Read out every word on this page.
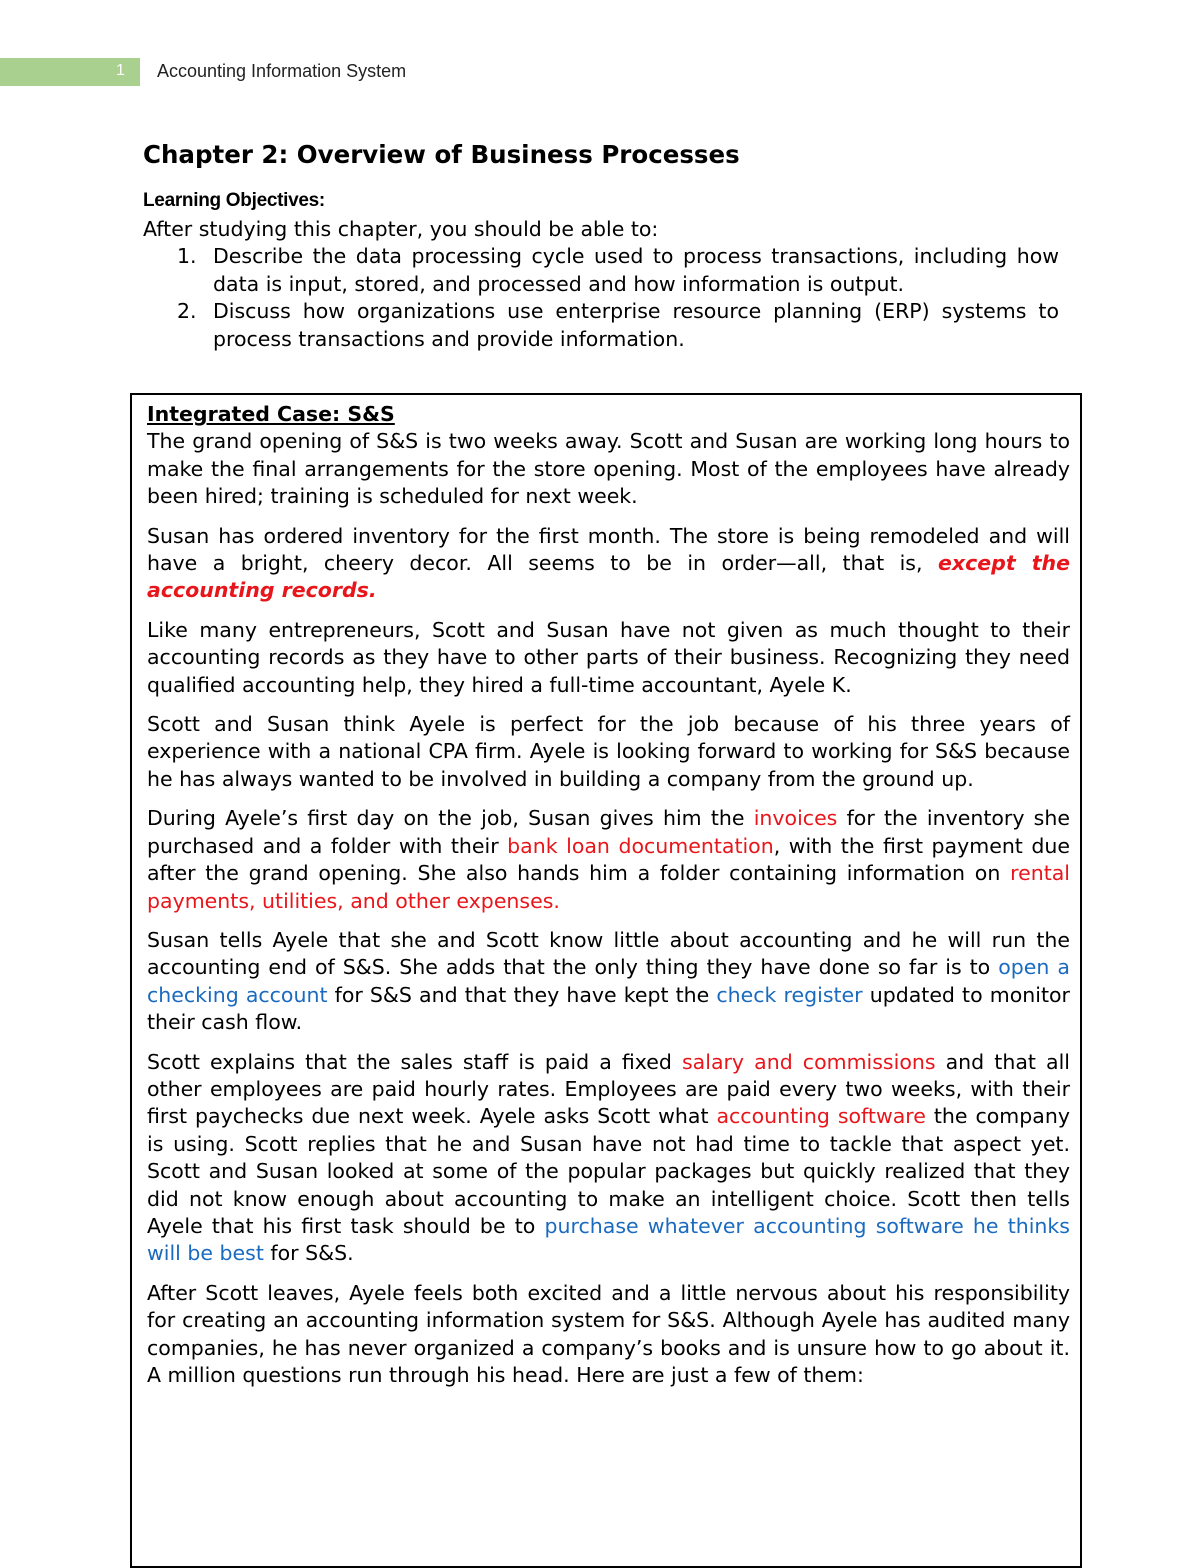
1	Accounting Information System
Chapter 2: Overview of Business Processes
Learning Objectives:
After studying this chapter, you should be able to:
1. Describe the data processing cycle used to process transactions, including how data is input, stored, and processed and how information is output.
2. Discuss how organizations use enterprise resource planning (ERP) systems to process transactions and provide information.
Integrated Case: S&S

The grand opening of S&S is two weeks away. Scott and Susan are working long hours to make the final arrangements for the store opening. Most of the employees have already been hired; training is scheduled for next week.

Susan has ordered inventory for the first month. The store is being remodeled and will have a bright, cheery decor. All seems to be in order—all, that is, except the accounting records.

Like many entrepreneurs, Scott and Susan have not given as much thought to their accounting records as they have to other parts of their business. Recognizing they need qualified accounting help, they hired a full-time accountant, Ayele K.

Scott and Susan think Ayele is perfect for the job because of his three years of experience with a national CPA firm. Ayele is looking forward to working for S&S because he has always wanted to be involved in building a company from the ground up.

During Ayele’s first day on the job, Susan gives him the invoices for the inventory she purchased and a folder with their bank loan documentation, with the first payment due after the grand opening. She also hands him a folder containing information on rental payments, utilities, and other expenses.

Susan tells Ayele that she and Scott know little about accounting and he will run the accounting end of S&S. She adds that the only thing they have done so far is to open a checking account for S&S and that they have kept the check register updated to monitor their cash flow.

Scott explains that the sales staff is paid a fixed salary and commissions and that all other employees are paid hourly rates. Employees are paid every two weeks, with their first paychecks due next week. Ayele asks Scott what accounting software the company is using. Scott replies that he and Susan have not had time to tackle that aspect yet. Scott and Susan looked at some of the popular packages but quickly realized that they did not know enough about accounting to make an intelligent choice. Scott then tells Ayele that his first task should be to purchase whatever accounting software he thinks will be best for S&S.

After Scott leaves, Ayele feels both excited and a little nervous about his responsibility for creating an accounting information system for S&S. Although Ayele has audited many companies, he has never organized a company’s books and is unsure how to go about it. A million questions run through his head. Here are just a few of them:
